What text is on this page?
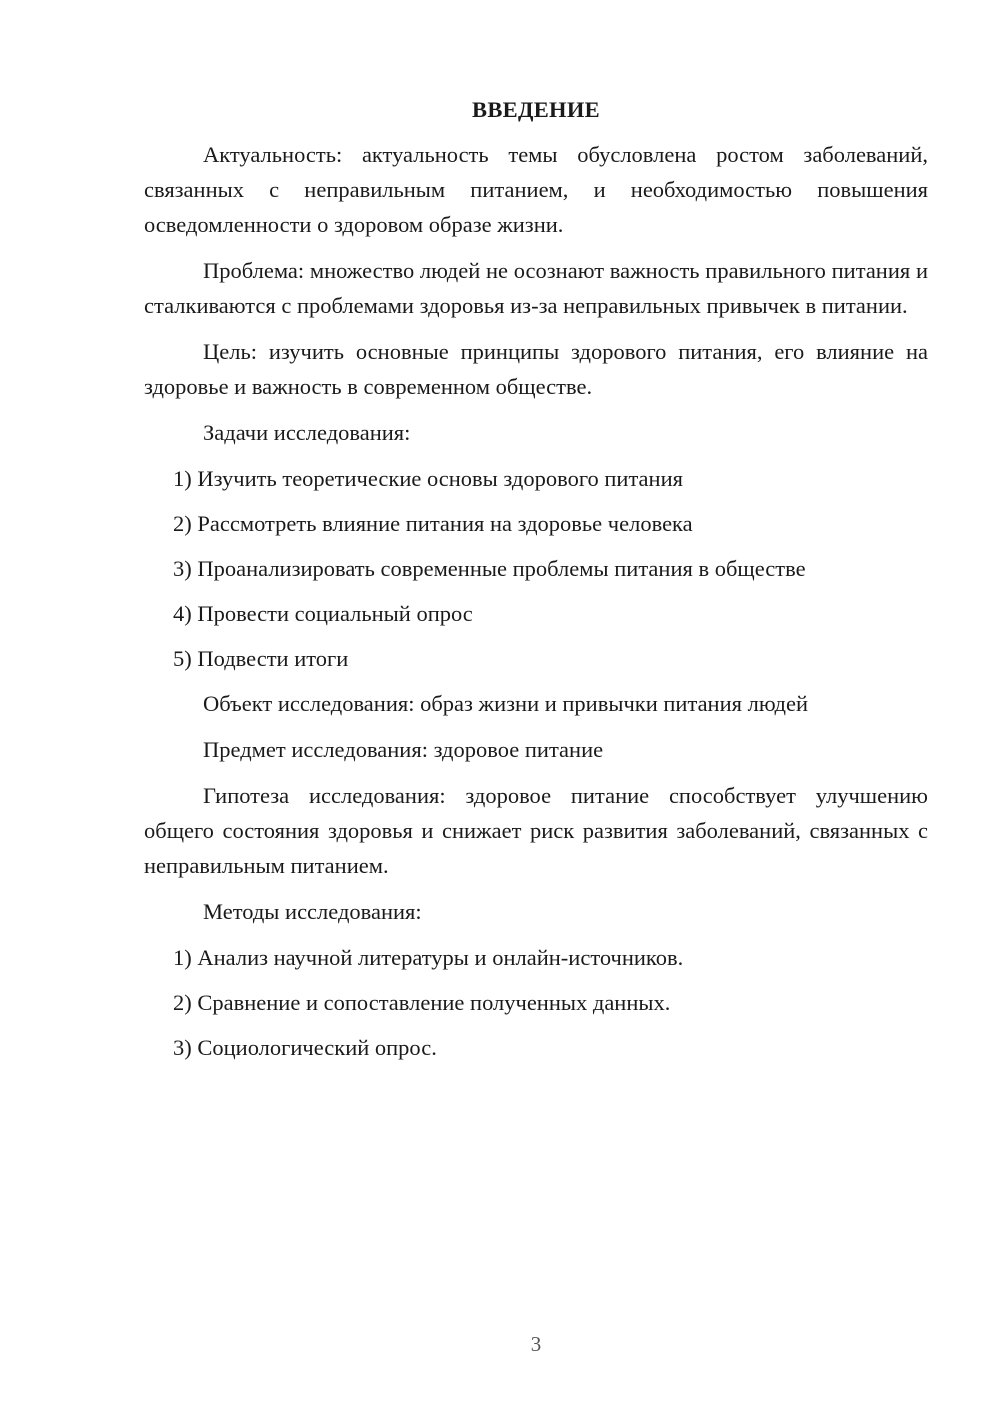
ВВЕДЕНИЕ
Актуальность: актуальность темы обусловлена ростом заболеваний, связанных с неправильным питанием, и необходимостью повышения осведомленности о здоровом образе жизни.
Проблема: множество людей не осознают важность правильного питания и сталкиваются с проблемами здоровья из-за неправильных привычек в питании.
Цель: изучить основные принципы здорового питания, его влияние на здоровье и важность в современном обществе.
Задачи исследования:
1) Изучить теоретические основы здорового питания
2) Рассмотреть влияние питания на здоровье человека
3) Проанализировать современные проблемы питания в обществе
4) Провести социальный опрос
5) Подвести итоги
Объект исследования: образ жизни и привычки питания людей
Предмет исследования: здоровое питание
Гипотеза исследования: здоровое питание способствует улучшению общего состояния здоровья и снижает риск развития заболеваний, связанных с неправильным питанием.
Методы исследования:
1) Анализ научной литературы и онлайн-источников.
2) Сравнение и сопоставление полученных данных.
3) Социологический опрос.
3
